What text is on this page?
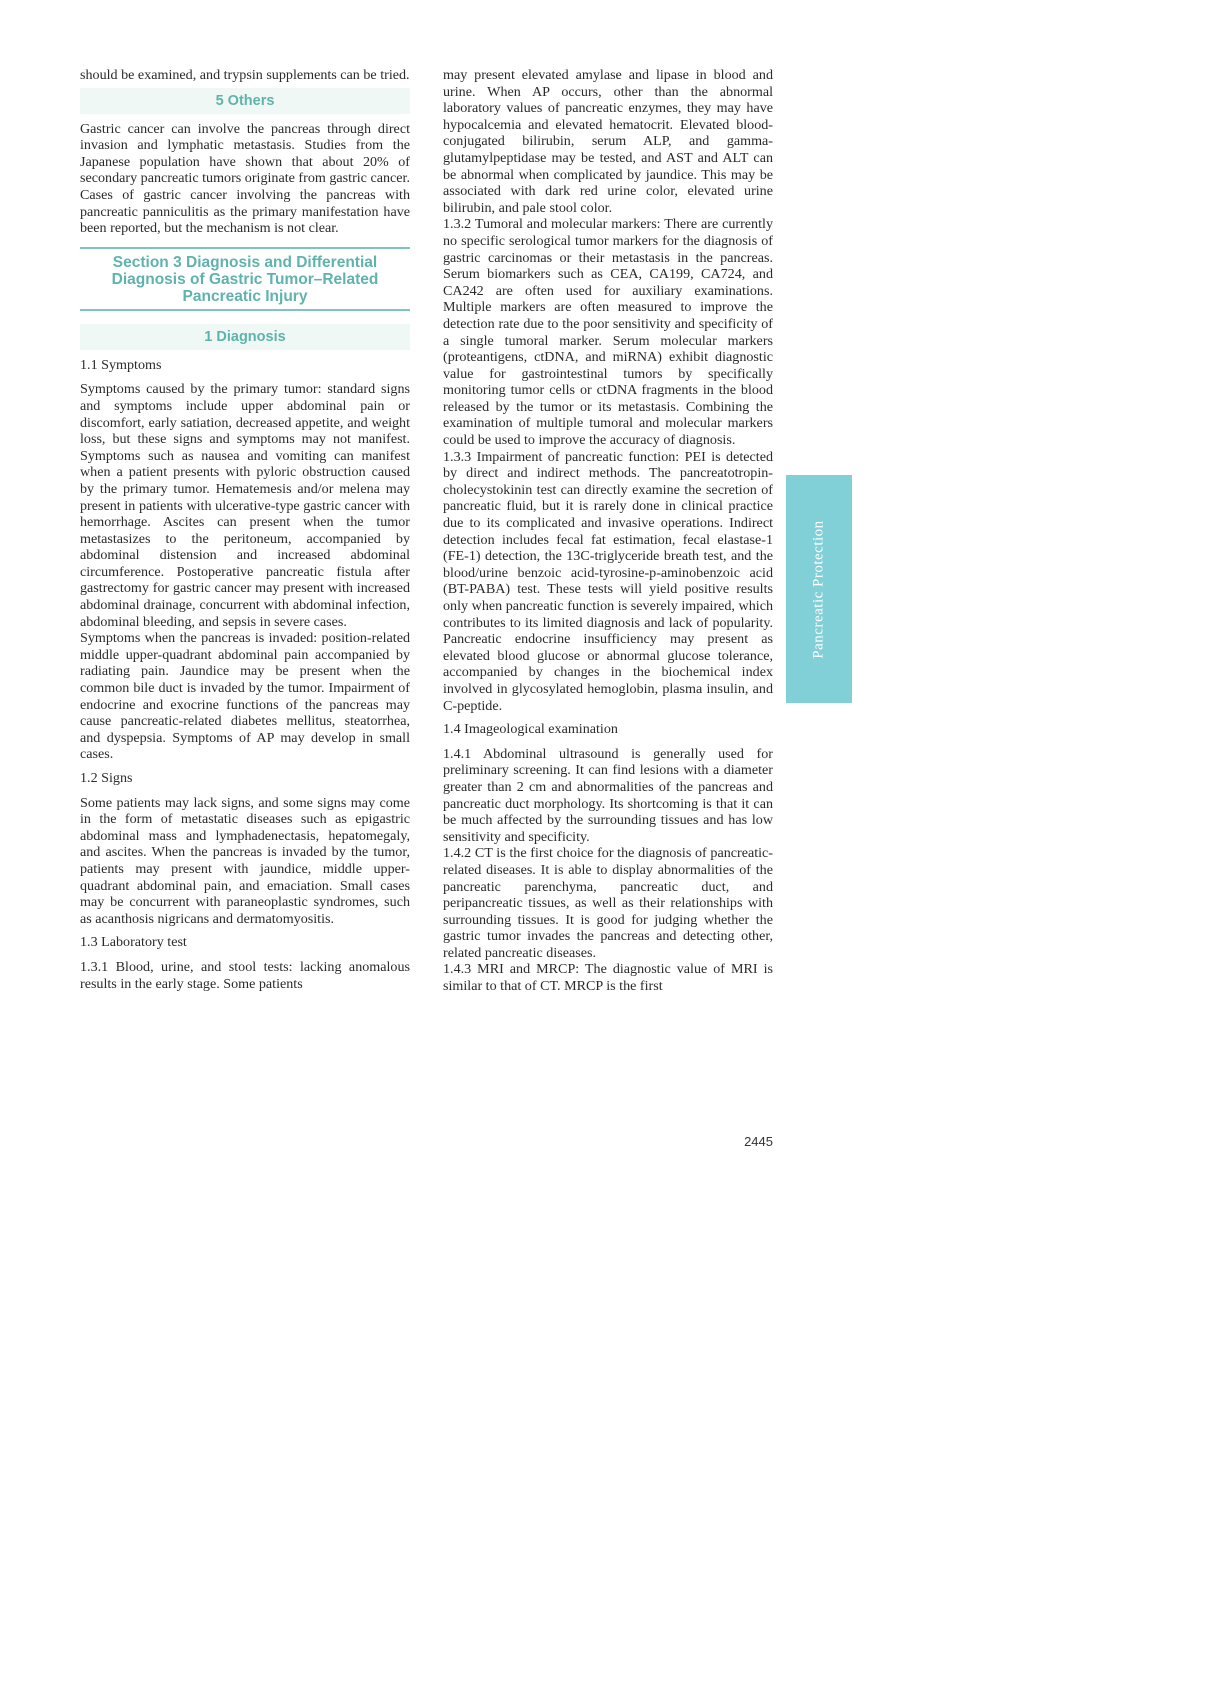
should be examined, and trypsin supplements can be tried.

5 Others

Gastric cancer can involve the pancreas through direct invasion and lymphatic metastasis. Studies from the Japanese population have shown that about 20% of secondary pancreatic tumors originate from gastric cancer. Cases of gastric cancer involving the pancreas with pancreatic panniculitis as the primary manifestation have been reported, but the mechanism is not clear.

Section 3 Diagnosis and Differential Diagnosis of Gastric Tumor–Related Pancreatic Injury
1 Diagnosis
1.1 Symptoms

Symptoms caused by the primary tumor: standard signs and symptoms include upper abdominal pain or discomfort, early satiation, decreased appetite, and weight loss, but these signs and symptoms may not manifest. Symptoms such as nausea and vomiting can manifest when a patient presents with pyloric obstruction caused by the primary tumor. Hematemesis and/or melena may present in patients with ulcerative-type gastric cancer with hemorrhage. Ascites can present when the tumor metastasizes to the peritoneum, accompanied by abdominal distension and increased abdominal circumference. Postoperative pancreatic fistula after gastrectomy for gastric cancer may present with increased abdominal drainage, concurrent with abdominal infection, abdominal bleeding, and sepsis in severe cases.

Symptoms when the pancreas is invaded: position-related middle upper-quadrant abdominal pain accompanied by radiating pain. Jaundice may be present when the common bile duct is invaded by the tumor. Impairment of endocrine and exocrine functions of the pancreas may cause pancreatic-related diabetes mellitus, steatorrhea, and dyspepsia. Symptoms of AP may develop in small cases.

1.2 Signs

Some patients may lack signs, and some signs may come in the form of metastatic diseases such as epigastric abdominal mass and lymphadenectasis, hepatomegaly, and ascites. When the pancreas is invaded by the tumor, patients may present with jaundice, middle upper-quadrant abdominal pain, and emaciation. Small cases may be concurrent with paraneoplastic syndromes, such as acanthosis nigricans and dermatomyositis.

1.3 Laboratory test

1.3.1 Blood, urine, and stool tests: lacking anomalous results in the early stage. Some patients

may present elevated amylase and lipase in blood and urine. When AP occurs, other than the abnormal laboratory values of pancreatic enzymes, they may have hypocalcemia and elevated hematocrit. Elevated blood-conjugated bilirubin, serum ALP, and gamma-glutamylpeptidase may be tested, and AST and ALT can be abnormal when complicated by jaundice. This may be associated with dark red urine color, elevated urine bilirubin, and pale stool color.

1.3.2 Tumoral and molecular markers: There are currently no specific serological tumor markers for the diagnosis of gastric carcinomas or their metastasis in the pancreas. Serum biomarkers such as CEA, CA199, CA724, and CA242 are often used for auxiliary examinations. Multiple markers are often measured to improve the detection rate due to the poor sensitivity and specificity of a single tumoral marker. Serum molecular markers (proteantigens, ctDNA, and miRNA) exhibit diagnostic value for gastrointestinal tumors by specifically monitoring tumor cells or ctDNA fragments in the blood released by the tumor or its metastasis. Combining the examination of multiple tumoral and molecular markers could be used to improve the accuracy of diagnosis.

1.3.3 Impairment of pancreatic function: PEI is detected by direct and indirect methods. The pancreatotropin-cholecystokinin test can directly examine the secretion of pancreatic fluid, but it is rarely done in clinical practice due to its complicated and invasive operations. Indirect detection includes fecal fat estimation, fecal elastase-1 (FE-1) detection, the 13C-triglyceride breath test, and the blood/urine benzoic acid-tyrosine-p-aminobenzoic acid (BT-PABA) test. These tests will yield positive results only when pancreatic function is severely impaired, which contributes to its limited diagnosis and lack of popularity. Pancreatic endocrine insufficiency may present as elevated blood glucose or abnormal glucose tolerance, accompanied by changes in the biochemical index involved in glycosylated hemoglobin, plasma insulin, and C-peptide.

1.4 Imageological examination

1.4.1 Abdominal ultrasound is generally used for preliminary screening. It can find lesions with a diameter greater than 2 cm and abnormalities of the pancreas and pancreatic duct morphology. Its shortcoming is that it can be much affected by the surrounding tissues and has low sensitivity and specificity.

1.4.2 CT is the first choice for the diagnosis of pancreatic-related diseases. It is able to display abnormalities of the pancreatic parenchyma, pancreatic duct, and peripancreatic tissues, as well as their relationships with surrounding tissues. It is good for judging whether the gastric tumor invades the pancreas and detecting other, related pancreatic diseases.

1.4.3 MRI and MRCP: The diagnostic value of MRI is similar to that of CT. MRCP is the first

Pancreatic Protection
2445
